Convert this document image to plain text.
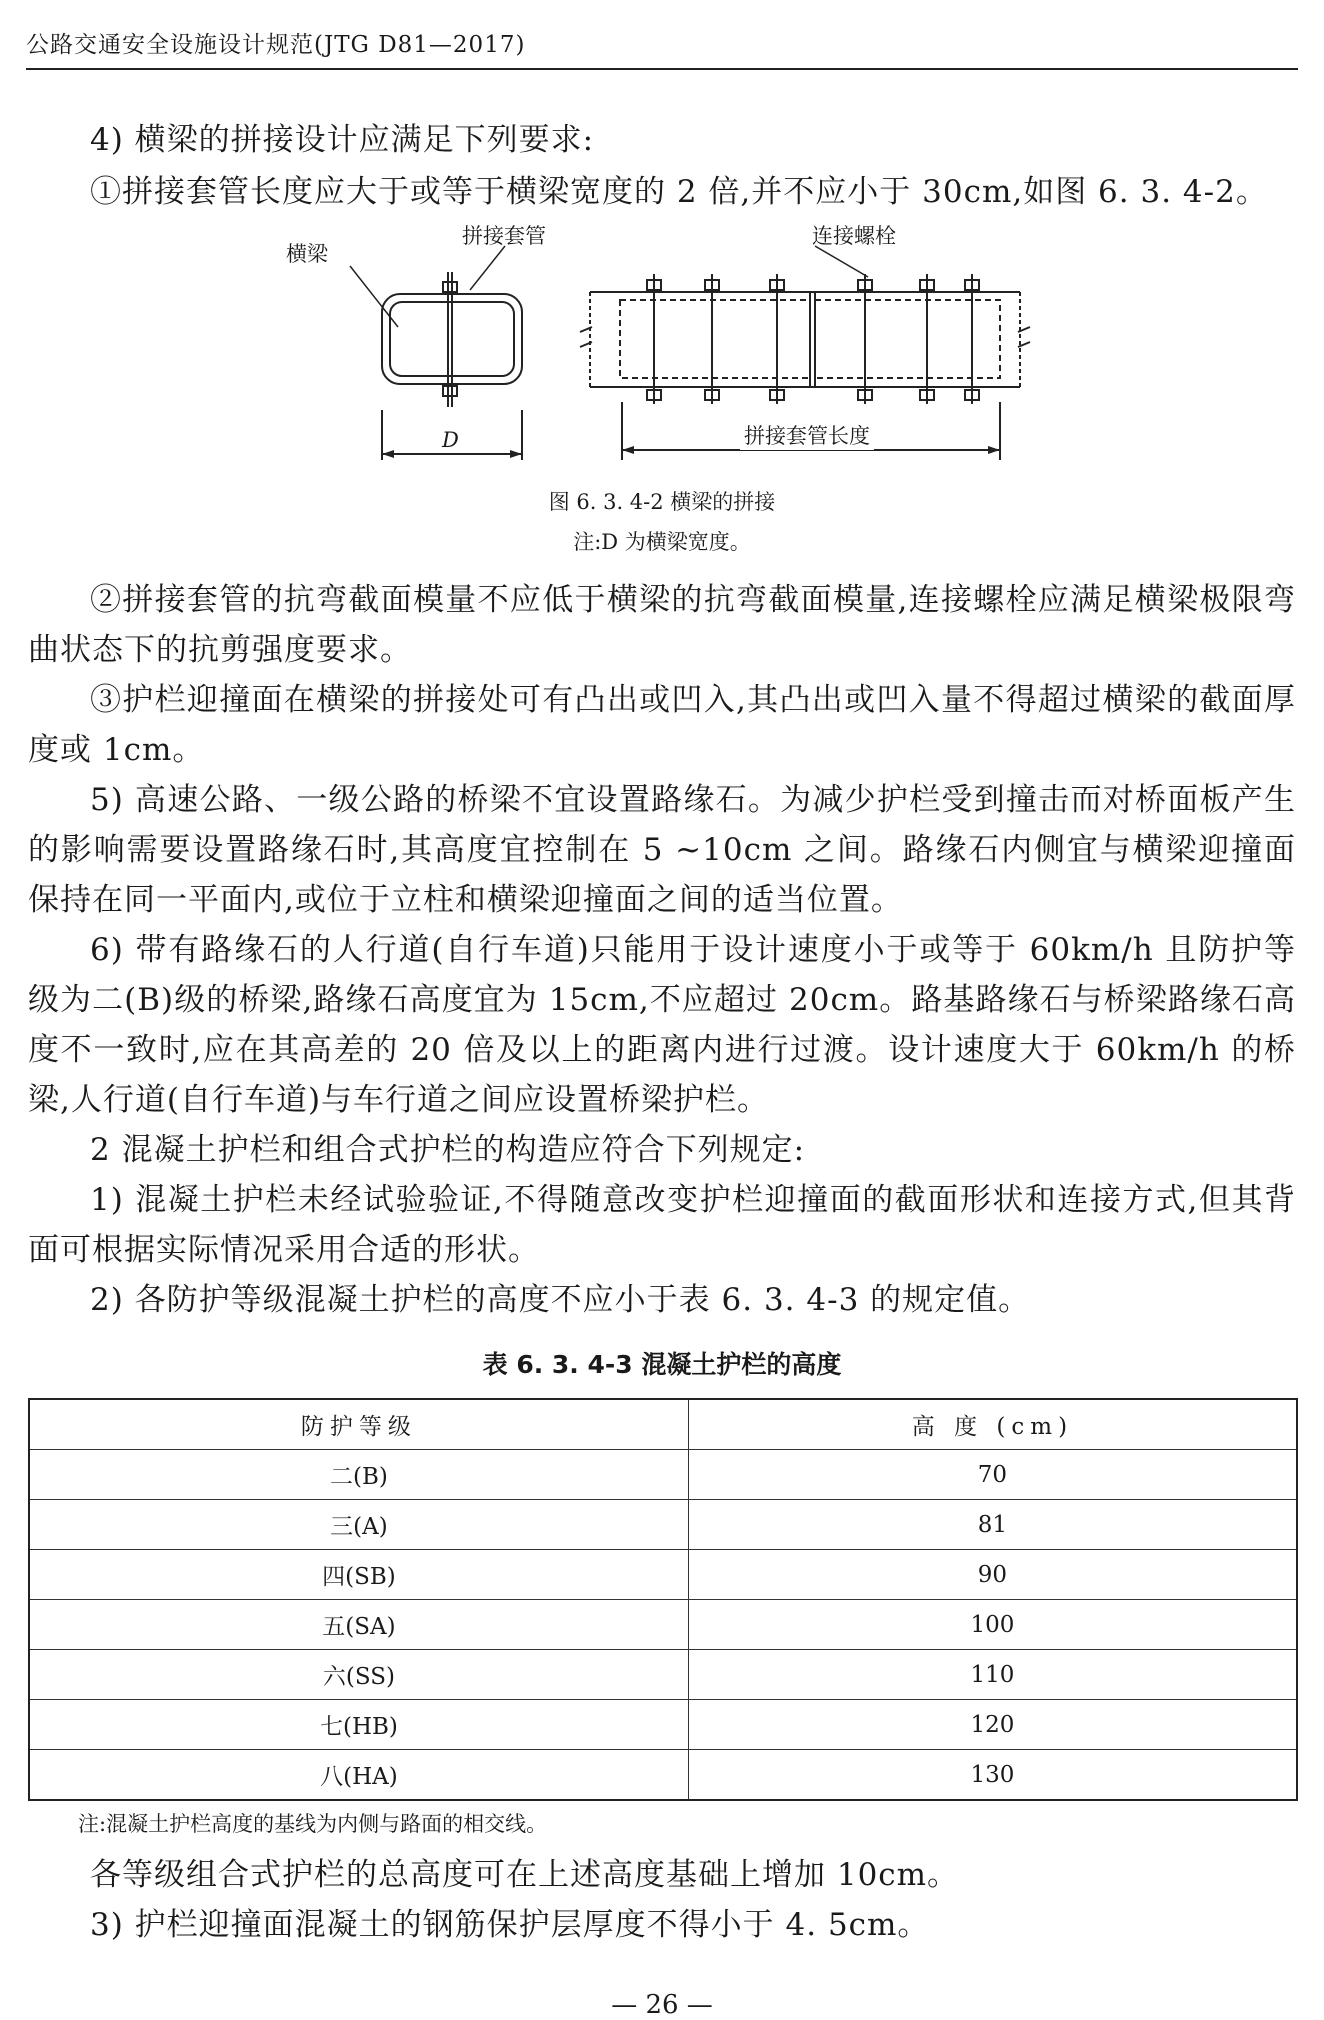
公路交通安全设施设计规范(JTG D81—2017)
4) 横梁的拼接设计应满足下列要求:
①拼接套管长度应大于或等于横梁宽度的 2 倍,并不应小于 30cm,如图 6. 3. 4-2。
横梁
拼接套管	连接螺栓
D	拼接套管长度
图 6. 3. 4-2 横梁的拼接
注:D 为横梁宽度。
②拼接套管的抗弯截面模量不应低于横梁的抗弯截面模量,连接螺栓应满足横梁极限弯曲状态下的抗剪强度要求。
③护栏迎撞面在横梁的拼接处可有凸出或凹入,其凸出或凹入量不得超过横梁的截面厚度或 1cm。
5) 高速公路、一级公路的桥梁不宜设置路缘石。为减少护栏受到撞击而对桥面板产生的影响需要设置路缘石时,其高度宜控制在 5 ~10cm 之间。路缘石内侧宜与横梁迎撞面保持在同一平面内,或位于立柱和横梁迎撞面之间的适当位置。
6) 带有路缘石的人行道(自行车道)只能用于设计速度小于或等于 60km/h 且防护等级为二(B)级的桥梁,路缘石高度宜为 15cm,不应超过 20cm。路基路缘石与桥梁路缘石高度不一致时,应在其高差的 20 倍及以上的距离内进行过渡。设计速度大于 60km/h 的桥梁,人行道(自行车道)与车行道之间应设置桥梁护栏。
2 混凝土护栏和组合式护栏的构造应符合下列规定:
1) 混凝土护栏未经试验验证,不得随意改变护栏迎撞面的截面形状和连接方式,但其背面可根据实际情况采用合适的形状。
2) 各防护等级混凝土护栏的高度不应小于表 6. 3. 4-3 的规定值。
表 6. 3. 4-3 混凝土护栏的高度
防护等级	高 度 (cm)
二(B)	70
三(A)	81
四(SB)	90
五(SA)	100
六(SS)	110
七(HB)	120
八(HA)	130
注:混凝土护栏高度的基线为内侧与路面的相交线。
各等级组合式护栏的总高度可在上述高度基础上增加 10cm。
3) 护栏迎撞面混凝土的钢筋保护层厚度不得小于 4. 5cm。
— 26 —
